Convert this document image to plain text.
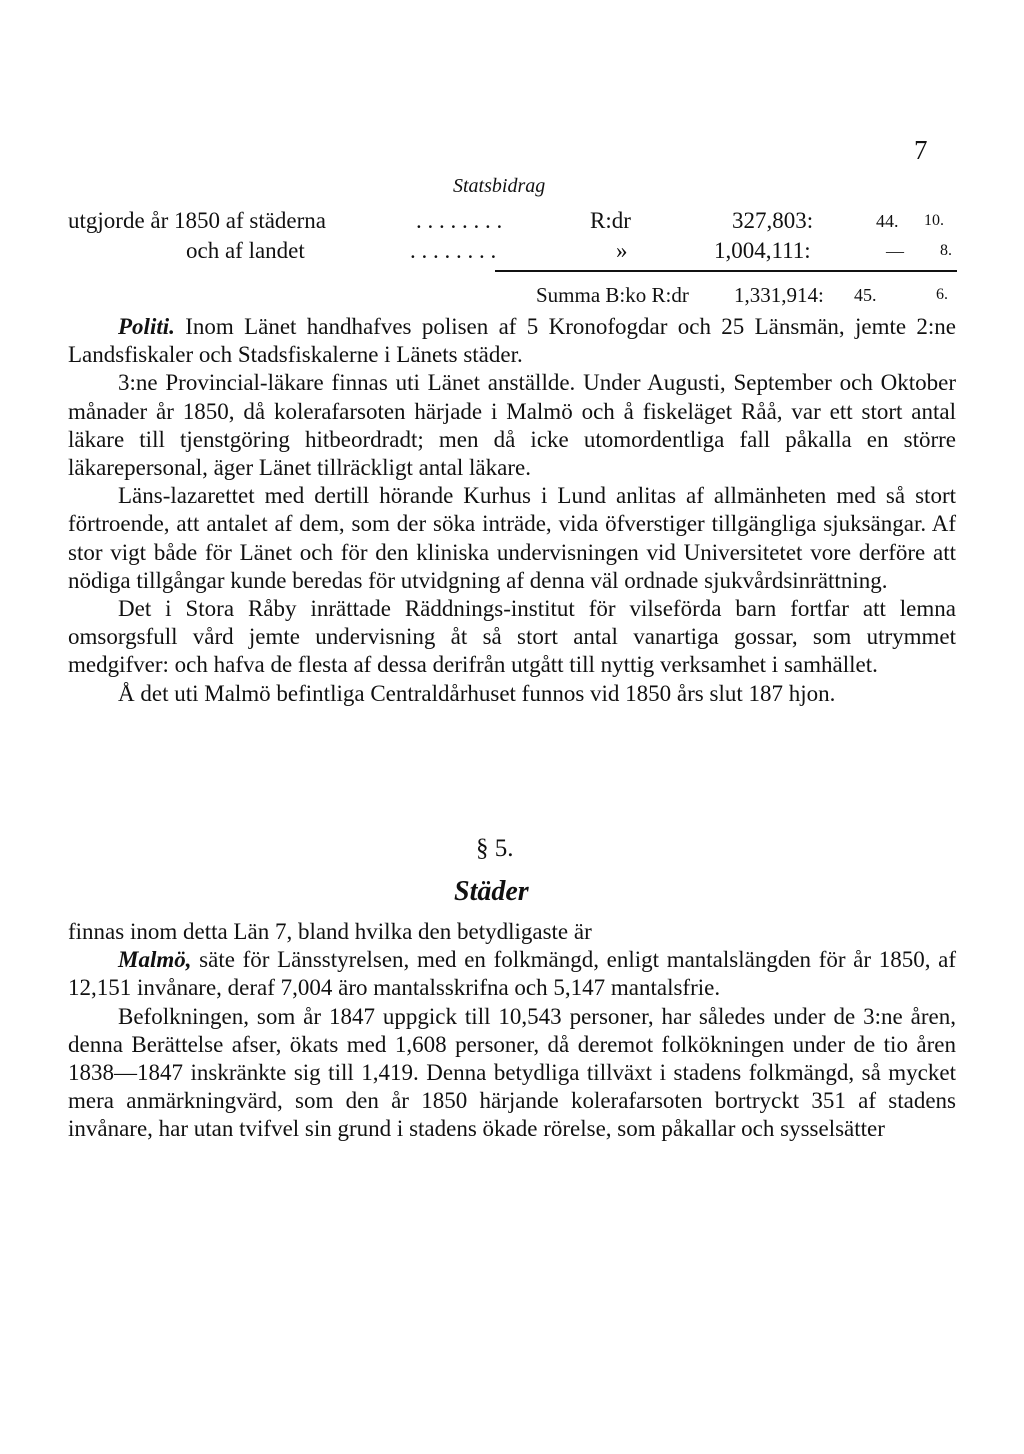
7
Statsbidrag
utgjorde år 1850 af städerna	. . . . . . . .	R:dr	327,803:	44. 10.
och af landet	. . . . . . . .	»	1,004,111:	— 8.
Summa B:ko R:dr 1,331,914: 45.	6.

Politi. Inom Länet handhafves polisen af 5 Kronofogdar och 25 Länsmän, jemte 2:ne Landsfiskaler och Stadsfiskalerne i Länets städer.

3:ne Provincial-läkare finnas uti Länet anställde. Under Augusti, September och Oktober månader år 1850, då kolerafarsoten härjade i Malmö och å fiskeläget Råå, var ett stort antal läkare till tjenstgöring hitbeordradt; men då icke utomordentliga fall påkalla en större läkarepersonal, äger Länet tillräckligt antal läkare.

Läns-lazarettet med dertill hörande Kurhus i Lund anlitas af allmänheten med så stort förtroende, att antalet af dem, som der söka inträde, vida öfverstiger tillgängliga sjuksängar. Af stor vigt både för Länet och för den kliniska undervisningen vid Universitetet vore derföre att nödiga tillgångar kunde beredas för utvidgning af denna väl ordnade sjukvårdsinrättning.

Det i Stora Råby inrättade Räddnings-institut för vilseförda barn fortfar att lemna omsorgsfull vård jemte undervisning åt så stort antal vanartiga gossar, som utrymmet medgifver: och hafva de flesta af dessa derifrån utgått till nyttig verksamhet i samhället.

Å det uti Malmö befintliga Centraldårhuset funnos vid 1850 års slut 187 hjon.

§ 5.
Städer

finnas inom detta Län 7, bland hvilka den betydligaste är

Malmö, säte för Länsstyrelsen, med en folkmängd, enligt mantalslängden för år 1850, af 12,151 invånare, deraf 7,004 äro mantalsskrifna och 5,147 mantalsfrie.

Befolkningen, som år 1847 uppgick till 10,543 personer, har således under de 3:ne åren, denna Berättelse afser, ökats med 1,608 personer, då deremot folkökningen under de tio åren 1838—1847 inskränkte sig till 1,419. Denna betydliga tillväxt i stadens folkmängd, så mycket mera anmärkningvärd, som den år 1850 härjande kolerafarsoten bortryckt 351 af stadens invånare, har utan tvifvel sin grund i stadens ökade rörelse, som påkallar och sysselsätter
